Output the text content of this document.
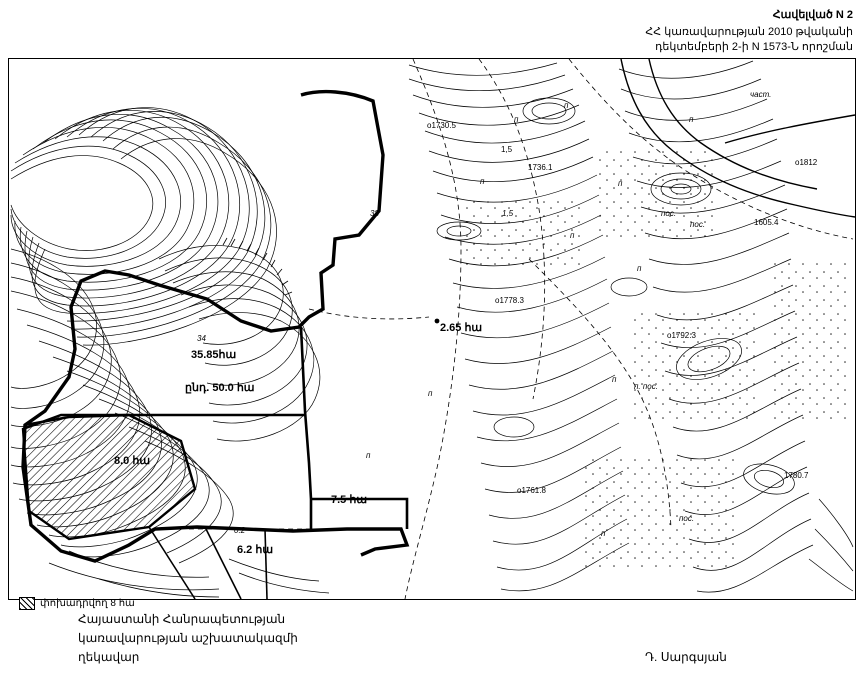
Հավելված N 2
ՀՀ կառավարության 2010 թվականի
դեկտեմբերի 2-ի N 1573-Ն որոշման
35.85հա
ընդ. 50.0 հա
8.0 հա
7.5 հա
6.2 հա
2.65 հա
о1730.5
1736.1
о1812
1605.4
о1778.3
о1792.3
о1761.8
1780.7
1,5
п
п
част.
п
п	п
пос.
пос.
п
п
п
п
п
п. пос.
пос.
п
34
1,5
38
0.2
փոխադրվող 8 հա
Հայաստանի Հանրապետության
կառավարության աշխատակազմի
ղեկավար	Դ. Սարգսյան
